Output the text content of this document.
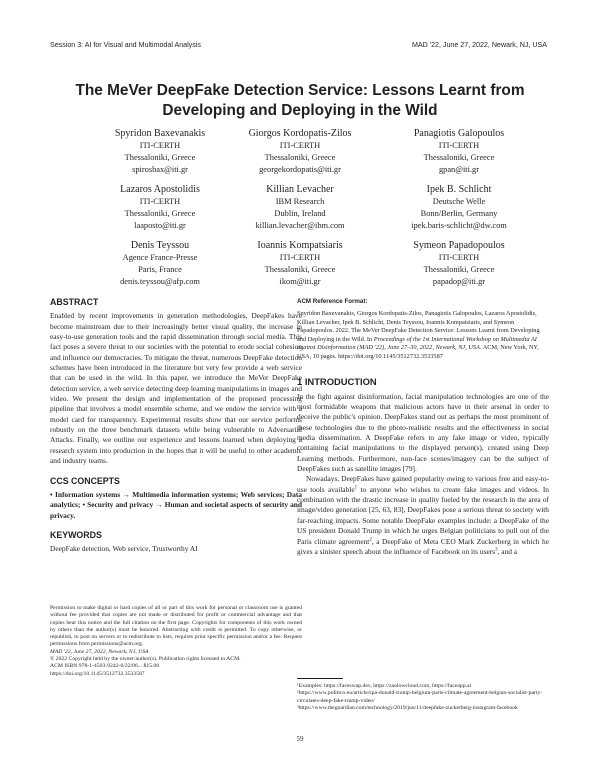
Session 3: AI for Visual and Multimodal Analysis	MAD '22, June 27, 2022, Newark, NJ, USA
The MeVer DeepFake Detection Service: Lessons Learnt from
Developing and Deploying in the Wild
Spyridon Baxevanakis
ITI-CERTH
Thessaloniki, Greece
spirosbax@iti.gr
Giorgos Kordopatis-Zilos
ITI-CERTH
Thessaloniki, Greece
georgekordopatis@iti.gr
Panagiotis Galopoulos
ITI-CERTH
Thessaloniki, Greece
gpan@iti.gr
Lazaros Apostolidis
ITI-CERTH
Thessaloniki, Greece
laaposto@iti.gr
Killian Levacher
IBM Research
Dublin, Ireland
killian.levacher@ibm.com
Ipek B. Schlicht
Deutsche Welle
Bonn/Berlin, Germany
ipek.baris-schlicht@dw.com
Denis Teyssou
Agence France-Presse
Paris, France
denis.teyssou@afp.com
Ioannis Kompatsiaris
ITI-CERTH
Thessaloniki, Greece
ikom@iti.gr
Symeon Papadopoulos
ITI-CERTH
Thessaloniki, Greece
papadop@iti.gr
ABSTRACT

Enabled by recent improvements in generation methodologies, DeepFakes have become mainstream due to their increasingly better visual quality, the increase in easy-to-use generation tools and the rapid dissemination through social media. This fact poses a severe threat to our societies with the potential to erode social cohesion and influence our democracies. To mitigate the threat, numerous DeepFake detection schemes have been introduced in the literature but very few provide a web service that can be used in the wild. In this paper, we introduce the MeVer DeepFake detection service, a web service detecting deep learning manipulations in images and video. We present the design and implementation of the proposed processing pipeline that involves a model ensemble scheme, and we endow the service with a model card for transparency. Experimental results show that our service performs robustly on the three benchmark datasets while being vulnerable to Adversarial Attacks. Finally, we outline our experience and lessons learned when deploying a research system into production in the hopes that it will be useful to other academic and industry teams.

CCS CONCEPTS

• Information systems → Multimedia information systems; Web services; Data analytics; • Security and privacy → Human and societal aspects of security and privacy.

KEYWORDS

DeepFake detection, Web service, Trustworthy AI

Permission to make digital or hard copies of all or part of this work for personal or classroom use is granted without fee provided that copies are not made or distributed for profit or commercial advantage and that copies bear this notice and the full citation on the first page. Copyrights for components of this work owned by others than the author(s) must be honored. Abstracting with credit is permitted. To copy otherwise, or republish, to post on servers or to redistribute to lists, requires prior specific permission and/or a fee. Request permissions from permissions@acm.org.

MAD '22, June 27, 2022, Newark, NJ, USA

© 2022 Copyright held by the owner/author(s). Publication rights licensed to ACM.

ACM ISBN 978-1-4503-9242-6/22/06... $15.00

https://doi.org/10.1145/3512732.3533587

ACM Reference Format:

Spyridon Baxevanakis, Giorgos Kordopatis-Zilos, Panagiotis Galopoulos, Lazaros Apostolidis, Killian Levacher, Ipek B. Schlicht, Denis Teyssou, Ioannis Kompatsiaris, and Symeon Papadopoulos. 2022. The MeVer DeepFake Detection Service: Lessons Learnt from Developing and Deploying in the Wild. In Proceedings of the 1st International Workshop on Multimedia AI against Disinformation (MAD '22), June 27–30, 2022, Newark, NJ, USA. ACM, New York, NY, USA, 10 pages. https://doi.org/10.1145/3512732.3533587

1 INTRODUCTION

In the fight against disinformation, facial manipulation technologies are one of the most formidable weapons that malicious actors have in their arsenal in order to deceive the public's opinion. DeepFakes stand out as perhaps the most prominent of these technologies due to the photo-realistic results and the effectiveness in social media dissemination. A DeepFake refers to any fake image or video, typically containing facial manipulations to the displayed person(s), created using Deep Learning methods. Furthermore, non-face scenes/imagery can be the subject of DeepFakes such as satellite images [79].

Nowadays, DeepFakes have gained popularity owing to various free and easy-to-use tools available$^1$ to anyone who wishes to create fake images and videos. In combination with the drastic increase in quality fueled by the research in the area of image/video generation [25, 63, 83], DeepFakes pose a serious threat to society with far-reaching impacts. Some notable DeepFake examples include: a DeepFake of the US president Donald Trump in which he urges Belgian politicians to pull out of the Paris climate agreement$^2$, a DeepFake of Meta CEO Mark Zuckerberg in which he gives a sinister speech about the influence of Facebook on its users$^3$, and a

¹Examples: https://faceswap.dev, https://zaolowcloud.com, https://faceapp.ai

²https://www.politico.eu/article/spa-donald-trump-belgium-paris-climate-agreement-belgian-socialist-party-circulates-deep-fake-trump-video/

³https://www.theguardian.com/technology/2019/jun/11/deepfake-zuckerberg-instagram-facebook

59
